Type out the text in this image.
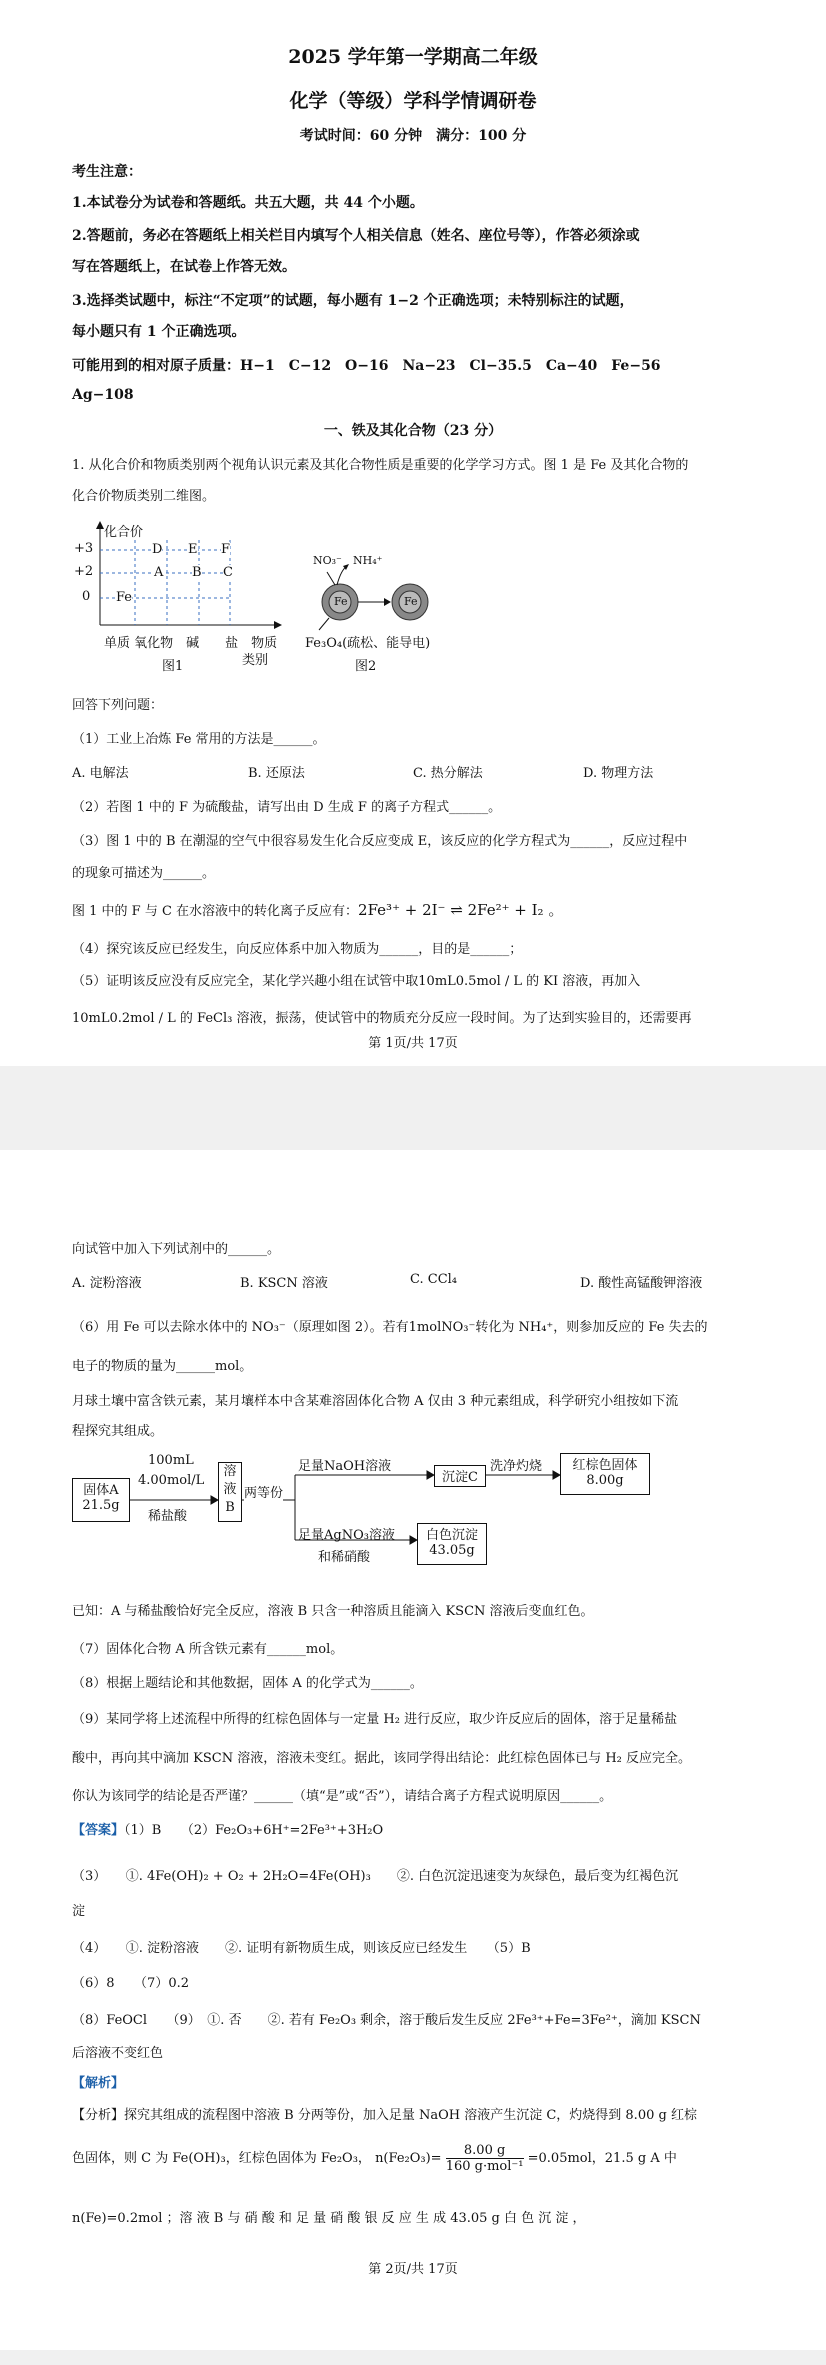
2025 学年第一学期高二年级
化学（等级）学科学情调研卷
考试时间：60 分钟　满分：100 分
考生注意：
1.本试卷分为试卷和答题纸。共五大题，共 44 个小题。
2.答题前，务必在答题纸上相关栏目内填写个人相关信息（姓名、座位号等），作答必须涂或
写在答题纸上，在试卷上作答无效。
3.选择类试题中，标注“不定项”的试题，每小题有 1−2 个正确选项；未特别标注的试题，
每小题只有 1 个正确选项。
可能用到的相对原子质量：H−1　C−12　O−16　Na−23　Cl−35.5　Ca−40　Fe−56
Ag−108
一、铁及其化合物（23 分）
1. 从化合价和物质类别两个视角认识元素及其化合物性质是重要的化学学习方式。图 1 是 Fe 及其化合物的
化合价物质类别二维图。
化合价
+3
+2
0
D E F
A B C
Fe
单质 氧化物　碱　　盐　物质
类别
图1
NO₃⁻ NH₄⁺
Fe	Fe
Fe₃O₄(疏松、能导电)
图2
回答下列问题：
（1）工业上冶炼 Fe 常用的方法是______。
A. 电解法	B. 还原法	C. 热分解法	D. 物理方法
（2）若图 1 中的 F 为硫酸盐，请写出由 D 生成 F 的离子方程式______。
（3）图 1 中的 B 在潮湿的空气中很容易发生化合反应变成 E，该反应的化学方程式为______，反应过程中
的现象可描述为______。
图 1 中的 F 与 C 在水溶液中的转化离子反应有：2Fe³⁺ + 2I⁻ ⇌ 2Fe²⁺ + I₂ 。
（4）探究该反应已经发生，向反应体系中加入物质为______，目的是______；
（5）证明该反应没有反应完全，某化学兴趣小组在试管中取10mL0.5mol / L 的 KI 溶液，再加入
10mL0.2mol / L 的 FeCl₃ 溶液，振荡，使试管中的物质充分反应一段时间。为了达到实验目的，还需要再
第 1页/共 17页
向试管中加入下列试剂中的______。
A. 淀粉溶液	B. KSCN 溶液	C. CCl₄	D. 酸性高锰酸钾溶液
（6）用 Fe 可以去除水体中的 NO₃⁻（原理如图 2）。若有1molNO₃⁻转化为 NH₄⁺，则参加反应的 Fe 失去的
电子的物质的量为______mol。
月球土壤中富含铁元素，某月壤样本中含某难溶固体化合物 A 仅由 3 种元素组成，科学研究小组按如下流
程探究其组成。
固体A
21.5g
100mL
4.00mol/L
稀盐酸
溶
液
B
两等份
足量NaOH溶液
沉淀C
洗净灼烧	红棕色固体
8.00g
足量AgNO₃溶液
和稀硝酸
白色沉淀
43.05g
已知：A 与稀盐酸恰好完全反应，溶液 B 只含一种溶质且能滴入 KSCN 溶液后变血红色。
（7）固体化合物 A 所含铁元素有______mol。
（8）根据上题结论和其他数据，固体 A 的化学式为______。
（9）某同学将上述流程中所得的红棕色固体与一定量 H₂ 进行反应，取少许反应后的固体，溶于足量稀盐
酸中，再向其中滴加 KSCN 溶液，溶液未变红。据此，该同学得出结论：此红棕色固体已与 H₂ 反应完全。
你认为该同学的结论是否严谨？______（填“是”或“否”），请结合离子方程式说明原因______。
【答案】（1）B　　（2）Fe₂O₃+6H⁺=2Fe³⁺+3H₂O
（3）　　①. 4Fe(OH)₂ + O₂ + 2H₂O=4Fe(OH)₃　　②. 白色沉淀迅速变为灰绿色，最后变为红褐色沉
淀
（4）　　①. 淀粉溶液　　②. 证明有新物质生成，则该反应已经发生　　（5）B
（6）8　　（7）0.2
（8）FeOCl　　（9）　①. 否　　②. 若有 Fe₂O₃ 剩余，溶于酸后发生反应 2Fe³⁺+Fe=3Fe²⁺，滴加 KSCN
后溶液不变红色
【解析】
【分析】探究其组成的流程图中溶液 B 分两等份，加入足量 NaOH 溶液产生沉淀 C，灼烧得到 8.00 g 红棕
色固体，则 C 为 Fe(OH)₃，红棕色固体为 Fe₂O₃， $n(Fe_2O_3)= \frac{8.00 g}{\text{160 g·mol⁻¹}} =0.05mol$，21.5 g A 中
n(Fe)=0.2mol ；溶 液 B 与 硝 酸 和 足 量 硝 酸 银 反 应 生 成 43.05 g 白 色 沉 淀 ，
第 2页/共 17页
